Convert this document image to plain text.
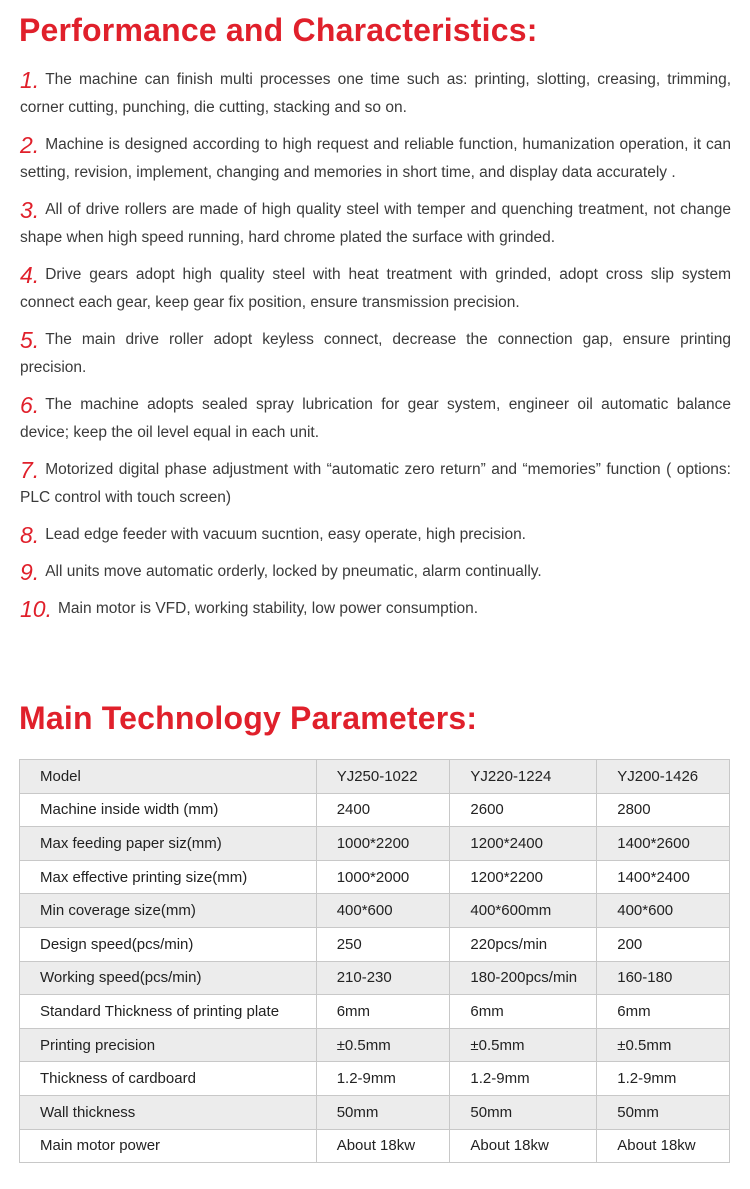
Performance and Characteristics:
1. The machine can finish multi processes one time such as: printing, slotting, creasing, trimming, corner cutting, punching, die cutting, stacking and so on.
2. Machine is designed according to high request and reliable function, humanization operation, it can setting, revision, implement, changing and memories in short time, and display data accurately .
3. All of drive rollers are made of high quality steel with temper and quenching treatment, not change shape when high speed running, hard chrome plated the surface with grinded.
4. Drive gears adopt high quality steel with heat treatment with grinded, adopt cross slip system connect each gear, keep gear fix position, ensure transmission precision.
5. The main drive roller adopt keyless connect, decrease the connection gap, ensure printing precision.
6. The machine adopts sealed spray lubrication for gear system, engineer oil automatic balance device; keep the oil level equal in each unit.
7. Motorized digital phase adjustment with “automatic zero return” and “memories” function ( options: PLC control with touch screen)
8. Lead edge feeder with vacuum sucntion, easy operate, high precision.
9. All units move automatic orderly, locked by pneumatic, alarm continually.
10. Main motor is VFD, working stability, low power consumption.
Main Technology Parameters:
Model	YJ250-1022	YJ220-1224	YJ200-1426
Machine inside width (mm)	2400	2600	2800
Max feeding paper siz(mm)	1000*2200	1200*2400	1400*2600
Max effective printing size(mm)	1000*2000	1200*2200	1400*2400
Min coverage size(mm)	400*600	400*600mm	400*600
Design speed(pcs/min)	250	220pcs/min	200
Working speed(pcs/min)	210-230	180-200pcs/min	160-180
Standard Thickness of printing plate	6mm	6mm	6mm
Printing precision	±0.5mm	±0.5mm	±0.5mm
Thickness of cardboard	1.2-9mm	1.2-9mm	1.2-9mm
Wall thickness	50mm	50mm	50mm
Main motor power	About 18kw	About 18kw	About 18kw
